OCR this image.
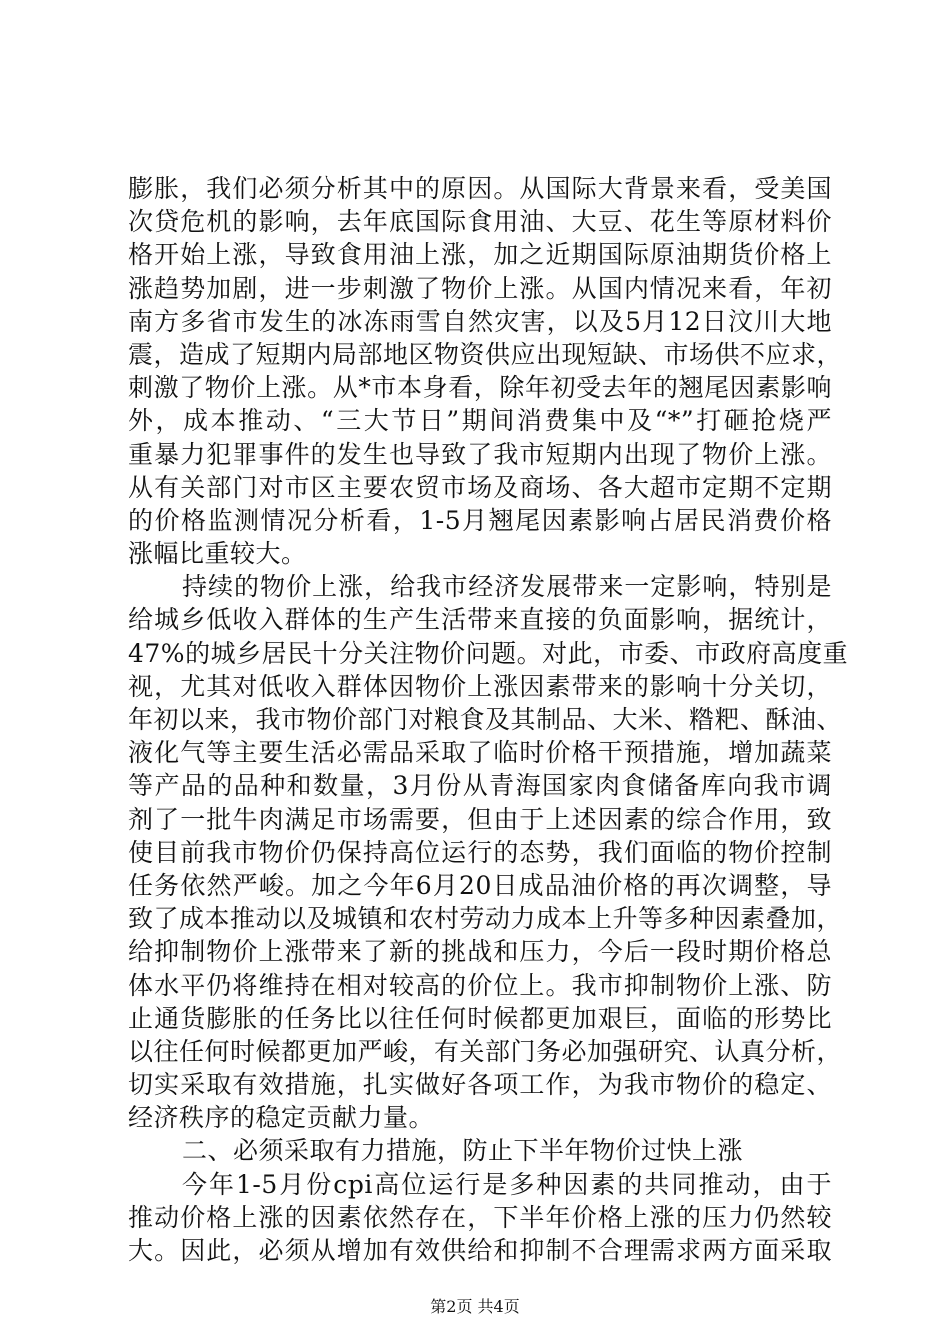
膨胀，我们必须分析其中的原因。从国际大背景来看，受美国
次贷危机的影响，去年底国际食用油、大豆、花生等原材料价
格开始上涨，导致食用油上涨，加之近期国际原油期货价格上
涨趋势加剧，进一步刺激了物价上涨。从国内情况来看，年初
南方多省市发生的冰冻雨雪自然灾害，以及5月12日汶川大地
震，造成了短期内局部地区物资供应出现短缺、市场供不应求，
刺激了物价上涨。从*市本身看，除年初受去年的翘尾因素影响
外，成本推动、“三大节日”期间消费集中及“*”打砸抢烧严
重暴力犯罪事件的发生也导致了我市短期内出现了物价上涨。
从有关部门对市区主要农贸市场及商场、各大超市定期不定期
的价格监测情况分析看，1-5月翘尾因素影响占居民消费价格
涨幅比重较大。
持续的物价上涨，给我市经济发展带来一定影响，特别是
给城乡低收入群体的生产生活带来直接的负面影响，据统计，
47%的城乡居民十分关注物价问题。对此，市委、市政府高度重
视，尤其对低收入群体因物价上涨因素带来的影响十分关切，
年初以来，我市物价部门对粮食及其制品、大米、糌粑、酥油、
液化气等主要生活必需品采取了临时价格干预措施，增加蔬菜
等产品的品种和数量，3月份从青海国家肉食储备库向我市调
剂了一批牛肉满足市场需要，但由于上述因素的综合作用，致
使目前我市物价仍保持高位运行的态势，我们面临的物价控制
任务依然严峻。加之今年6月20日成品油价格的再次调整，导
致了成本推动以及城镇和农村劳动力成本上升等多种因素叠加，
给抑制物价上涨带来了新的挑战和压力，今后一段时期价格总
体水平仍将维持在相对较高的价位上。我市抑制物价上涨、防
止通货膨胀的任务比以往任何时候都更加艰巨，面临的形势比
以往任何时候都更加严峻，有关部门务必加强研究、认真分析，
切实采取有效措施，扎实做好各项工作，为我市物价的稳定、
经济秩序的稳定贡献力量。
二、必须采取有力措施，防止下半年物价过快上涨
今年1-5月份cpi高位运行是多种因素的共同推动，由于
推动价格上涨的因素依然存在，下半年价格上涨的压力仍然较
大。因此，必须从增加有效供给和抑制不合理需求两方面采取
第2页 共4页
